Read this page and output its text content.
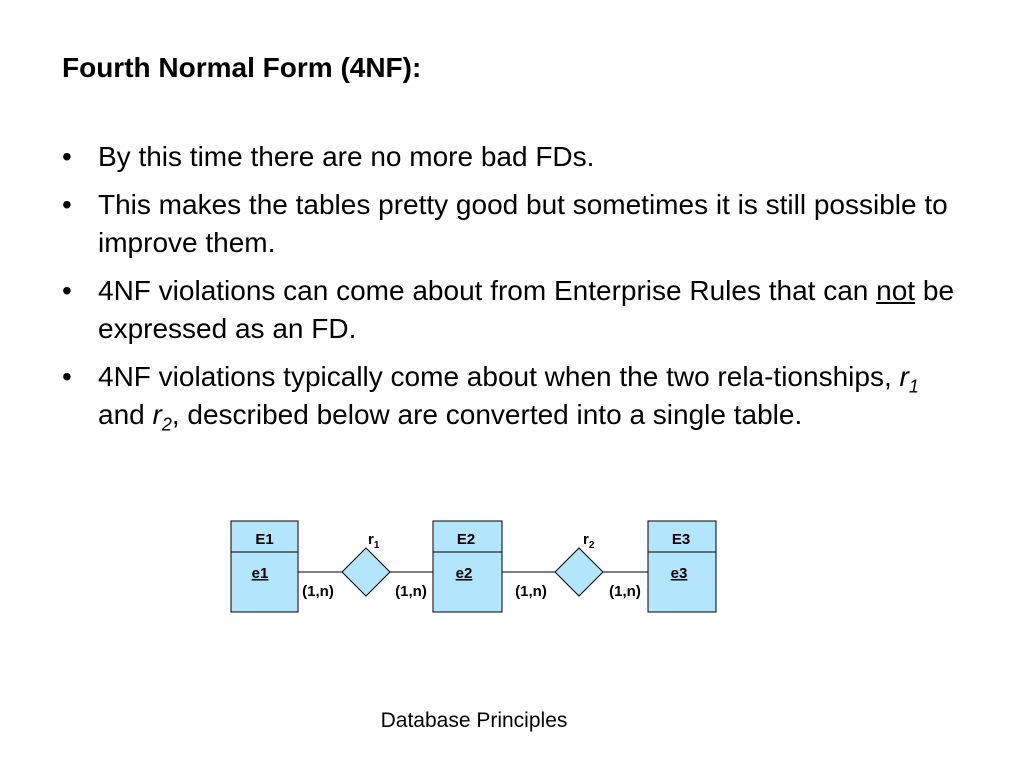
Fourth Normal Form (4NF):
• By this time there are no more bad FDs.
• This makes the tables pretty good but sometimes it is still possible to improve them.
• 4NF violations can come about from Enterprise Rules that can not be expressed as an FD.
• 4NF violations typically come about when the two rela-tionships, $r_1$ and $r_2$, described below are converted into a single table.
E1
e1
E2
e2
E3
e3
$r_1$	$r_2$
(1,n)	(1,n)	(1,n)	(1,n)
Database Principles
